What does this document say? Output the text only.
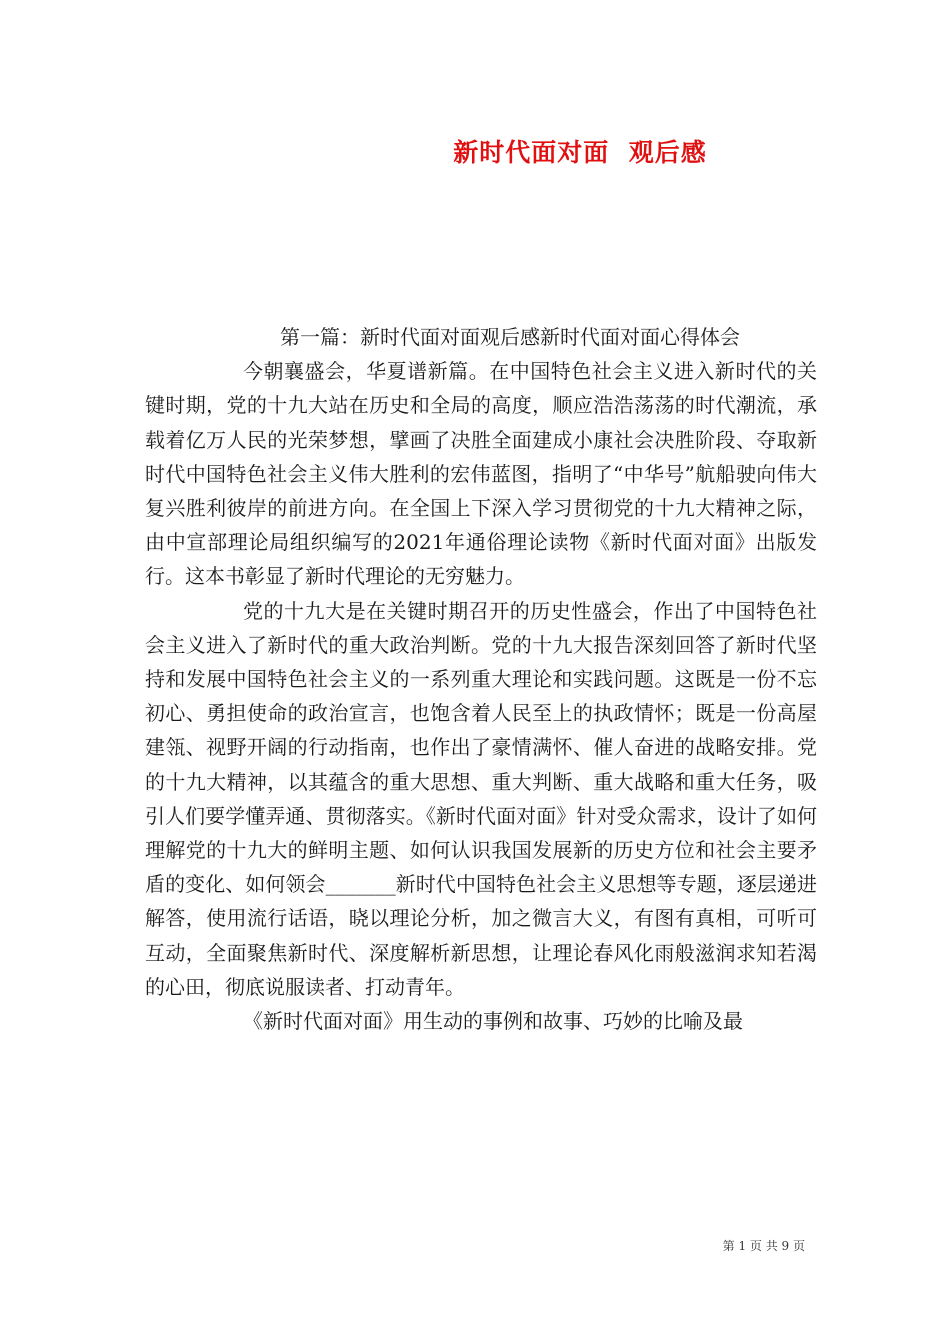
新时代面对面  观后感

第一篇：新时代面对面观后感新时代面对面心得体会

今朝襄盛会，华夏谱新篇。在中国特色社会主义进入新时代的关键时期，党的十九大站在历史和全局的高度，顺应浩浩荡荡的时代潮流，承载着亿万人民的光荣梦想，擘画了决胜全面建成小康社会决胜阶段、夺取新时代中国特色社会主义伟大胜利的宏伟蓝图，指明了“中华号”航船驶向伟大复兴胜利彼岸的前进方向。在全国上下深入学习贯彻党的十九大精神之际，由中宣部理论局组织编写的2021年通俗理论读物《新时代面对面》出版发行。这本书彰显了新时代理论的无穷魅力。

党的十九大是在关键时期召开的历史性盛会，作出了中国特色社会主义进入了新时代的重大政治判断。党的十九大报告深刻回答了新时代坚持和发展中国特色社会主义的一系列重大理论和实践问题。这既是一份不忘初心、勇担使命的政治宣言，也饱含着人民至上的执政情怀；既是一份高屋建瓴、视野开阔的行动指南，也作出了豪情满怀、催人奋进的战略安排。党的十九大精神，以其蕴含的重大思想、重大判断、重大战略和重大任务，吸引人们要学懂弄通、贯彻落实。《新时代面对面》针对受众需求，设计了如何理解党的十九大的鲜明主题、如何认识我国发展新的历史方位和社会主要矛盾的变化、如何领会_______新时代中国特色社会主义思想等专题，逐层递进解答，使用流行话语，晓以理论分析，加之微言大义，有图有真相，可听可互动，全面聚焦新时代、深度解析新思想，让理论春风化雨般滋润求知若渴的心田，彻底说服读者、打动青年。

《新时代面对面》用生动的事例和故事、巧妙的比喻及最

第 1 页 共 9 页
